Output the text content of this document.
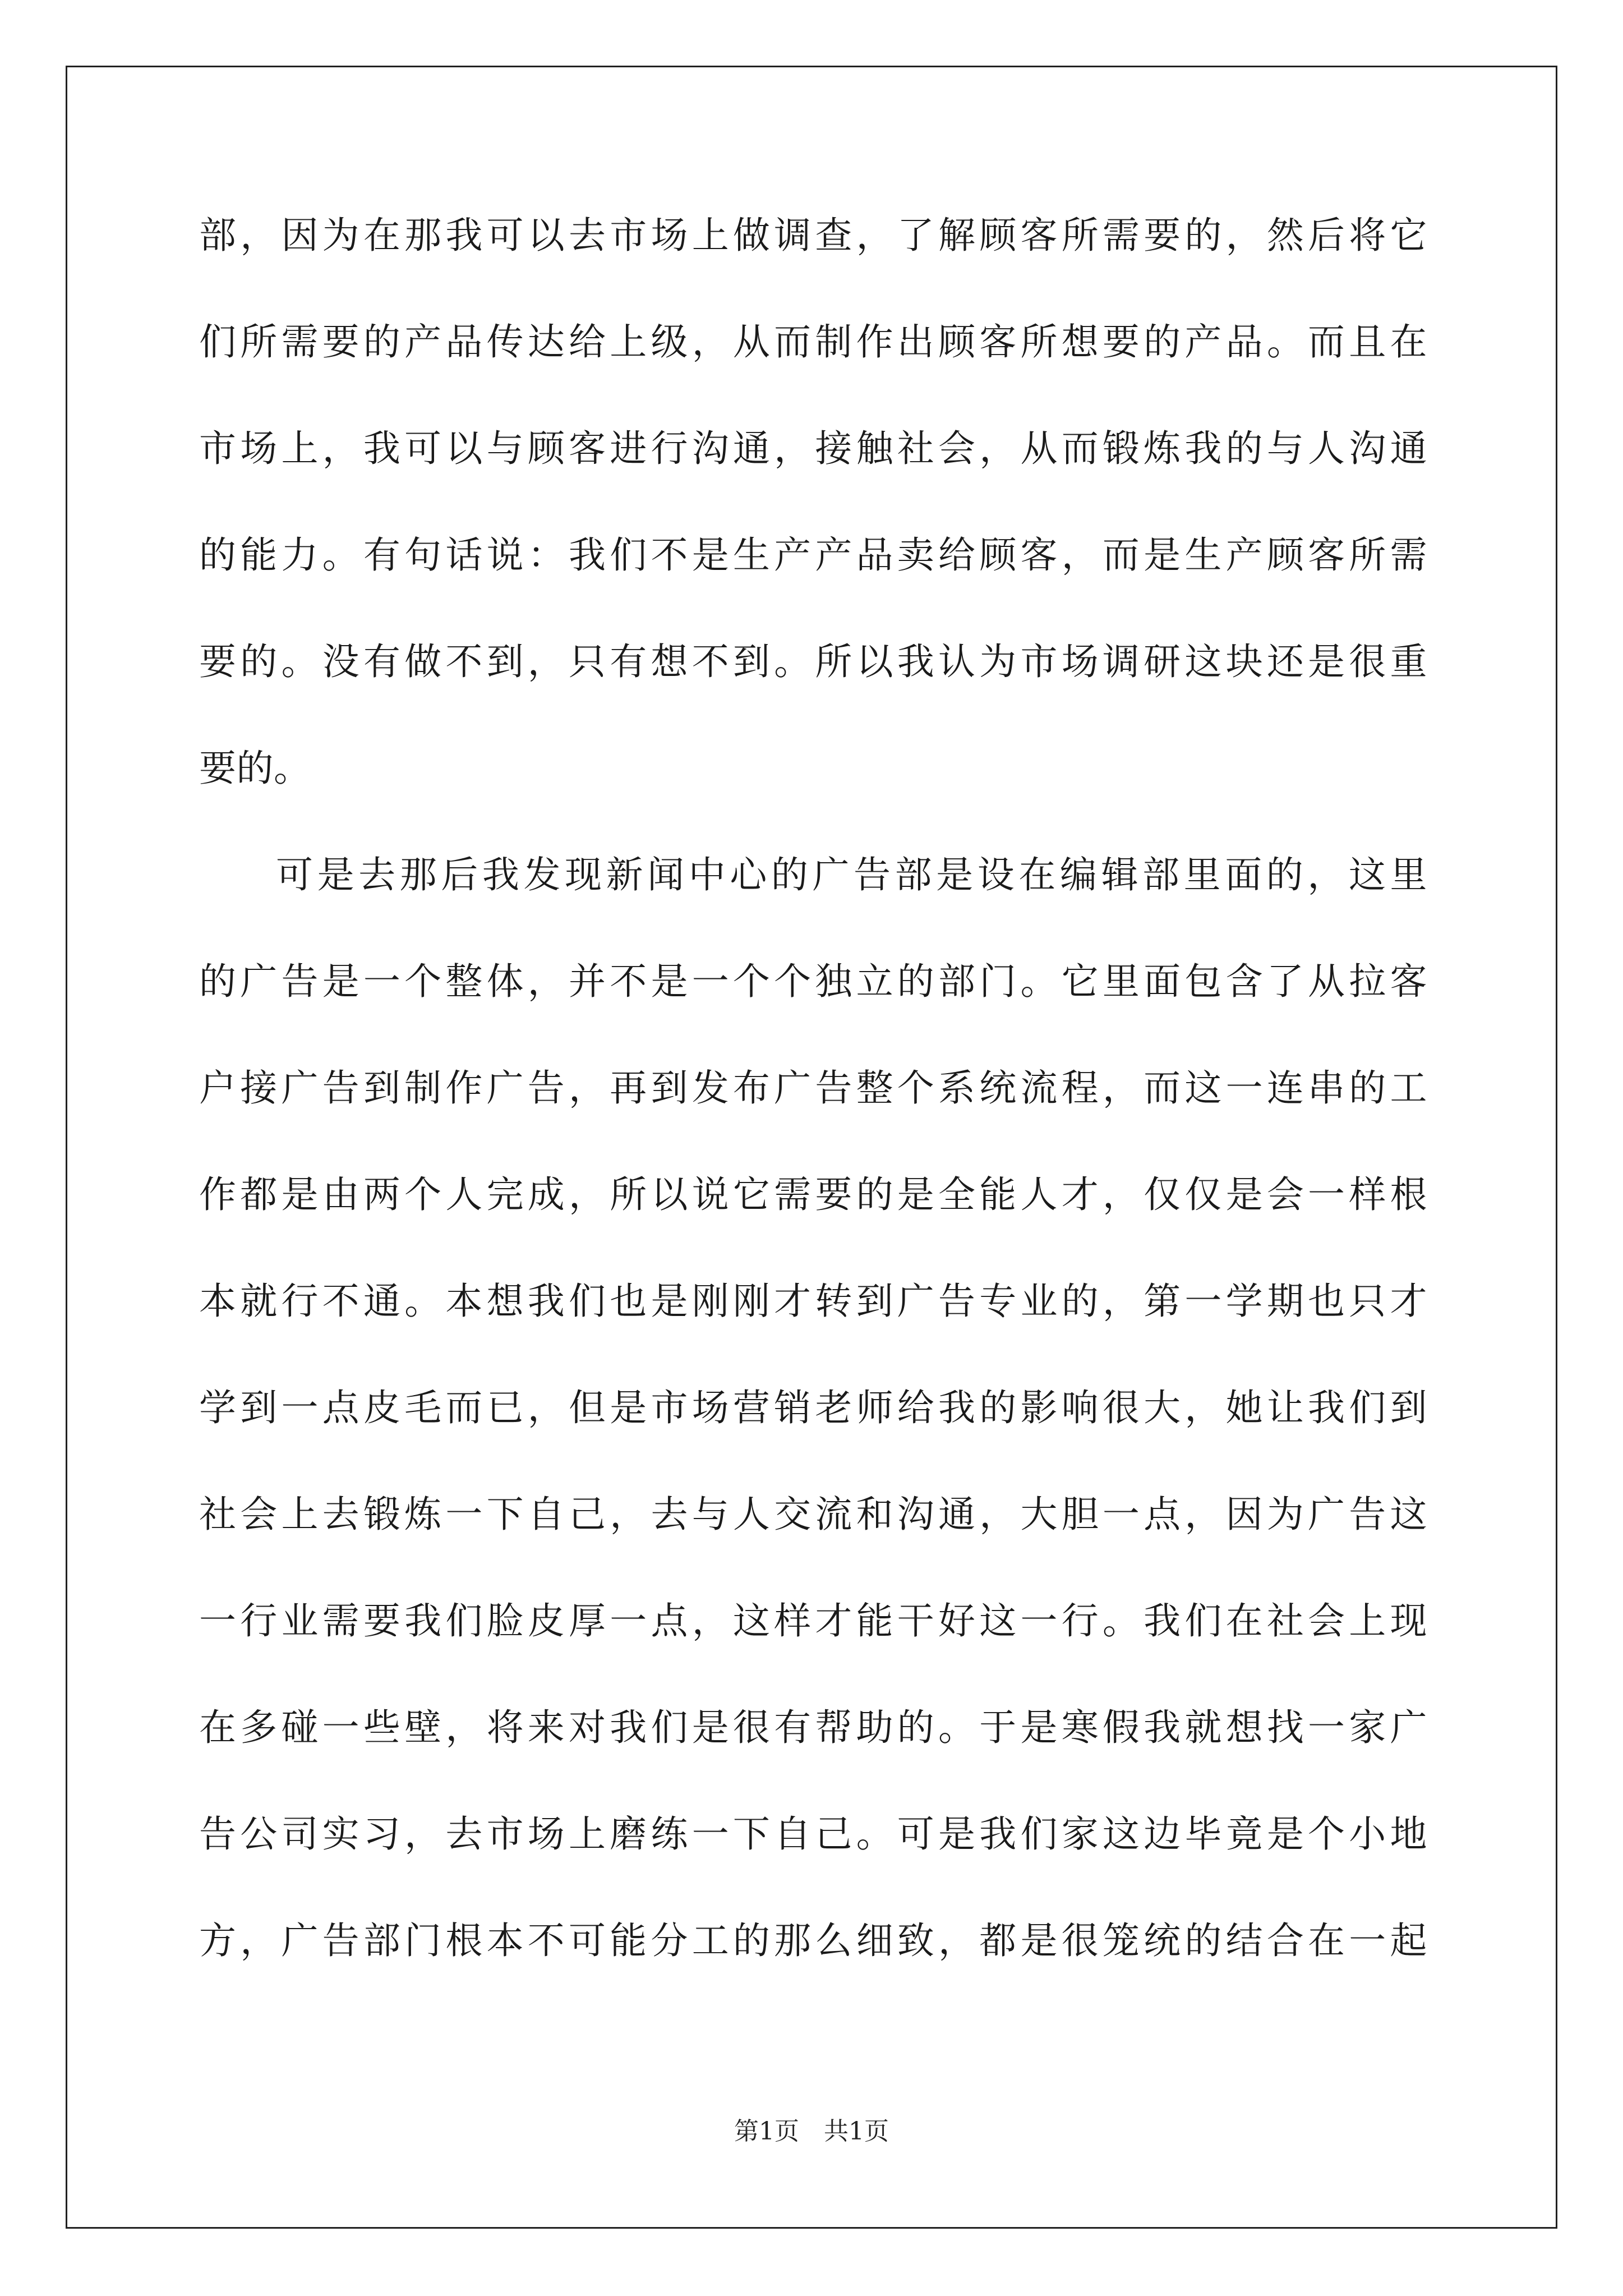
部，因为在那我可以去市场上做调查，了解顾客所需要的，然后将它
们所需要的产品传达给上级，从而制作出顾客所想要的产品。而且在
市场上，我可以与顾客进行沟通，接触社会，从而锻炼我的与人沟通
的能力。有句话说：我们不是生产产品卖给顾客，而是生产顾客所需
要的。没有做不到，只有想不到。所以我认为市场调研这块还是很重
要的。
可是去那后我发现新闻中心的广告部是设在编辑部里面的，这里
的广告是一个整体，并不是一个个独立的部门。它里面包含了从拉客
户接广告到制作广告，再到发布广告整个系统流程，而这一连串的工
作都是由两个人完成，所以说它需要的是全能人才，仅仅是会一样根
本就行不通。本想我们也是刚刚才转到广告专业的，第一学期也只才
学到一点皮毛而已，但是市场营销老师给我的影响很大，她让我们到
社会上去锻炼一下自己，去与人交流和沟通，大胆一点，因为广告这
一行业需要我们脸皮厚一点，这样才能干好这一行。我们在社会上现
在多碰一些壁，将来对我们是很有帮助的。于是寒假我就想找一家广
告公司实习，去市场上磨练一下自己。可是我们家这边毕竟是个小地
方，广告部门根本不可能分工的那么细致，都是很笼统的结合在一起
第1页　共1页
